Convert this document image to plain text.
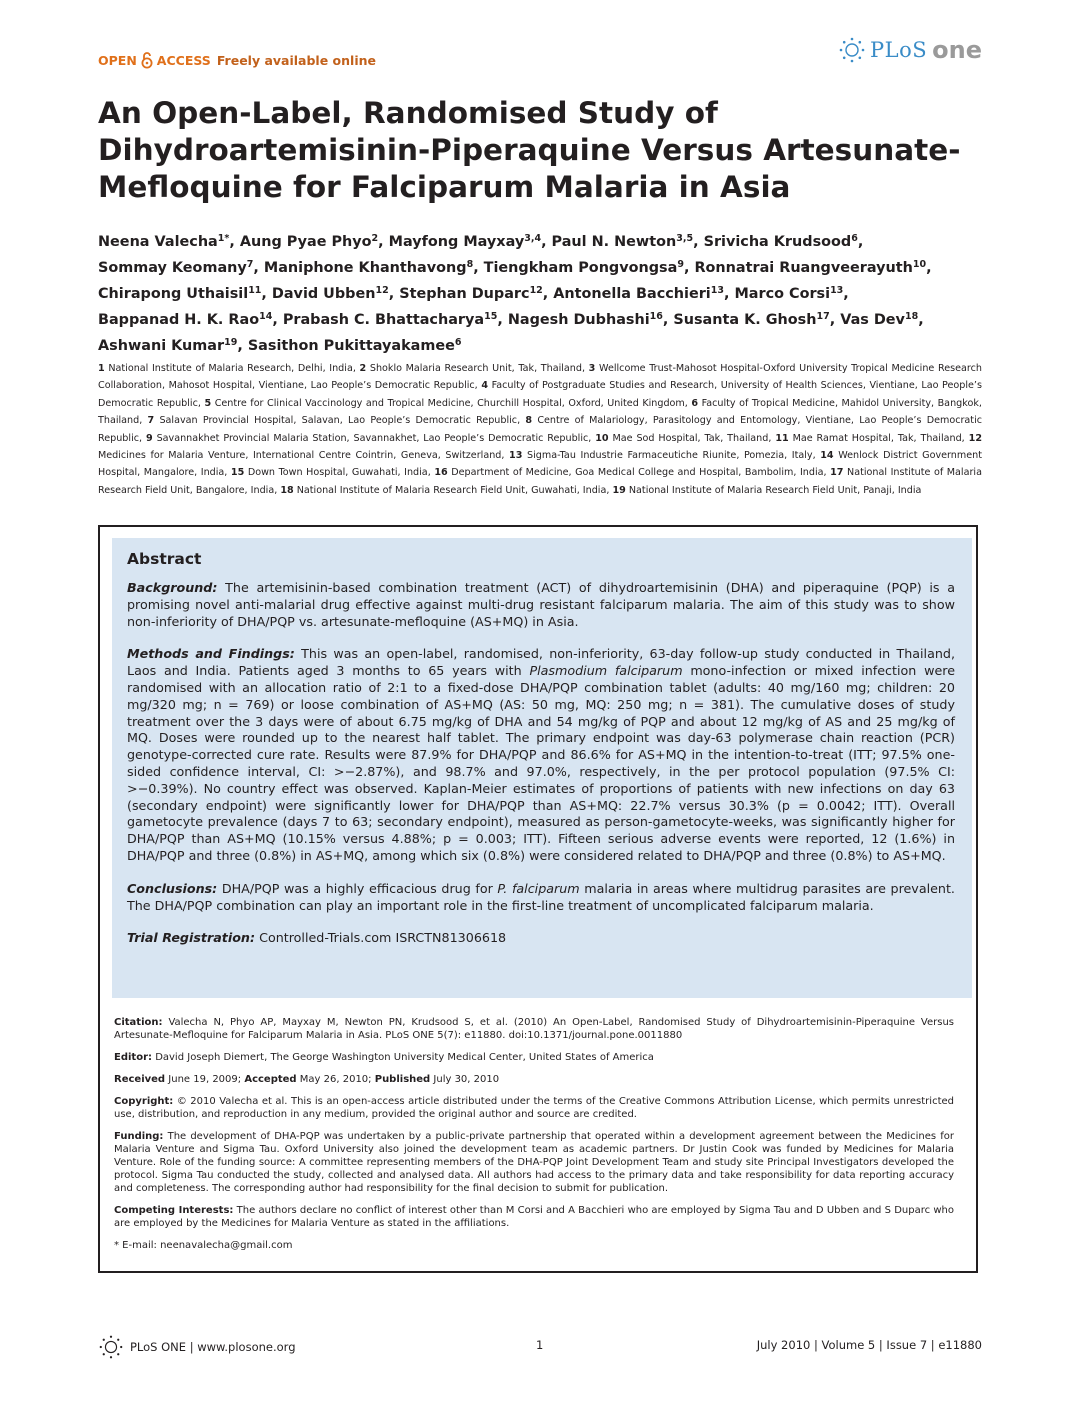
OPEN ACCESS Freely available online	PLoS one
An Open-Label, Randomised Study of Dihydroartemisinin-Piperaquine Versus Artesunate-Mefloquine for Falciparum Malaria in Asia
Neena Valecha$^{1*}$, Aung Pyae Phyo$^2$, Mayfong Mayxay$^{3,4}$, Paul N. Newton$^{3,5}$, Srivicha Krudsood$^6$, Sommay Keomany$^7$, Maniphone Khanthavong$^8$, Tiengkham Pongvongsa$^9$, Ronnatrai Ruangveerayuth$^{10}$, Chirapong Uthaisil$^{11}$, David Ubben$^{12}$, Stephan Duparc$^{12}$, Antonella Bacchieri$^{13}$, Marco Corsi$^{13}$, Bappanad H. K. Rao$^{14}$, Prabash C. Bhattacharya$^{15}$, Nagesh Dubhashi$^{16}$, Susanta K. Ghosh$^{17}$, Vas Dev$^{18}$, Ashwani Kumar$^{19}$, Sasithon Pukittayakamee$^6$
1 National Institute of Malaria Research, Delhi, India, 2 Shoklo Malaria Research Unit, Tak, Thailand, 3 Wellcome Trust-Mahosot Hospital-Oxford University Tropical Medicine Research Collaboration, Mahosot Hospital, Vientiane, Lao People’s Democratic Republic, 4 Faculty of Postgraduate Studies and Research, University of Health Sciences, Vientiane, Lao People’s Democratic Republic, 5 Centre for Clinical Vaccinology and Tropical Medicine, Churchill Hospital, Oxford, United Kingdom, 6 Faculty of Tropical Medicine, Mahidol University, Bangkok, Thailand, 7 Salavan Provincial Hospital, Salavan, Lao People’s Democratic Republic, 8 Centre of Malariology, Parasitology and Entomology, Vientiane, Lao People’s Democratic Republic, 9 Savannakhet Provincial Malaria Station, Savannakhet, Lao People’s Democratic Republic, 10 Mae Sod Hospital, Tak, Thailand, 11 Mae Ramat Hospital, Tak, Thailand, 12 Medicines for Malaria Venture, International Centre Cointrin, Geneva, Switzerland, 13 Sigma-Tau Industrie Farmaceutiche Riunite, Pomezia, Italy, 14 Wenlock District Government Hospital, Mangalore, India, 15 Down Town Hospital, Guwahati, India, 16 Department of Medicine, Goa Medical College and Hospital, Bambolim, India, 17 National Institute of Malaria Research Field Unit, Bangalore, India, 18 National Institute of Malaria Research Field Unit, Guwahati, India, 19 National Institute of Malaria Research Field Unit, Panaji, India
Abstract

Background: The artemisinin-based combination treatment (ACT) of dihydroartemisinin (DHA) and piperaquine (PQP) is a promising novel anti-malarial drug effective against multi-drug resistant falciparum malaria. The aim of this study was to show non-inferiority of DHA/PQP vs. artesunate-mefloquine (AS+MQ) in Asia.

Methods and Findings: This was an open-label, randomised, non-inferiority, 63-day follow-up study conducted in Thailand, Laos and India. Patients aged 3 months to 65 years with Plasmodium falciparum mono-infection or mixed infection were randomised with an allocation ratio of 2:1 to a fixed-dose DHA/PQP combination tablet (adults: 40 mg/160 mg; children: 20 mg/320 mg; n = 769) or loose combination of AS+MQ (AS: 50 mg, MQ: 250 mg; n = 381). The cumulative doses of study treatment over the 3 days were of about 6.75 mg/kg of DHA and 54 mg/kg of PQP and about 12 mg/kg of AS and 25 mg/kg of MQ. Doses were rounded up to the nearest half tablet. The primary endpoint was day-63 polymerase chain reaction (PCR) genotype-corrected cure rate. Results were 87.9% for DHA/PQP and 86.6% for AS+MQ in the intention-to-treat (ITT; 97.5% one-sided confidence interval, CI: >−2.87%), and 98.7% and 97.0%, respectively, in the per protocol population (97.5% CI: >−0.39%). No country effect was observed. Kaplan-Meier estimates of proportions of patients with new infections on day 63 (secondary endpoint) were significantly lower for DHA/PQP than AS+MQ: 22.7% versus 30.3% (p = 0.0042; ITT). Overall gametocyte prevalence (days 7 to 63; secondary endpoint), measured as person-gametocyte-weeks, was significantly higher for DHA/PQP than AS+MQ (10.15% versus 4.88%; p = 0.003; ITT). Fifteen serious adverse events were reported, 12 (1.6%) in DHA/PQP and three (0.8%) in AS+MQ, among which six (0.8%) were considered related to DHA/PQP and three (0.8%) to AS+MQ.

Conclusions: DHA/PQP was a highly efficacious drug for P. falciparum malaria in areas where multidrug parasites are prevalent. The DHA/PQP combination can play an important role in the first-line treatment of uncomplicated falciparum malaria.

Trial Registration: Controlled-Trials.com ISRCTN81306618

Citation: Valecha N, Phyo AP, Mayxay M, Newton PN, Krudsood S, et al. (2010) An Open-Label, Randomised Study of Dihydroartemisinin-Piperaquine Versus Artesunate-Mefloquine for Falciparum Malaria in Asia. PLoS ONE 5(7): e11880. doi:10.1371/journal.pone.0011880

Editor: David Joseph Diemert, The George Washington University Medical Center, United States of America

Received June 19, 2009; Accepted May 26, 2010; Published July 30, 2010

Copyright: © 2010 Valecha et al. This is an open-access article distributed under the terms of the Creative Commons Attribution License, which permits unrestricted use, distribution, and reproduction in any medium, provided the original author and source are credited.

Funding: The development of DHA-PQP was undertaken by a public-private partnership that operated within a development agreement between the Medicines for Malaria Venture and Sigma Tau. Oxford University also joined the development team as academic partners. Dr Justin Cook was funded by Medicines for Malaria Venture. Role of the funding source: A committee representing members of the DHA-PQP Joint Development Team and study site Principal Investigators developed the protocol. Sigma Tau conducted the study, collected and analysed data. All authors had access to the primary data and take responsibility for data reporting accuracy and completeness. The corresponding author had responsibility for the final decision to submit for publication.

Competing Interests: The authors declare no conflict of interest other than M Corsi and A Bacchieri who are employed by Sigma Tau and D Ubben and S Duparc who are employed by the Medicines for Malaria Venture as stated in the affiliations.

* E-mail: neenavalecha@gmail.com

PLoS ONE | www.plosone.org	1	July 2010 | Volume 5 | Issue 7 | e11880
